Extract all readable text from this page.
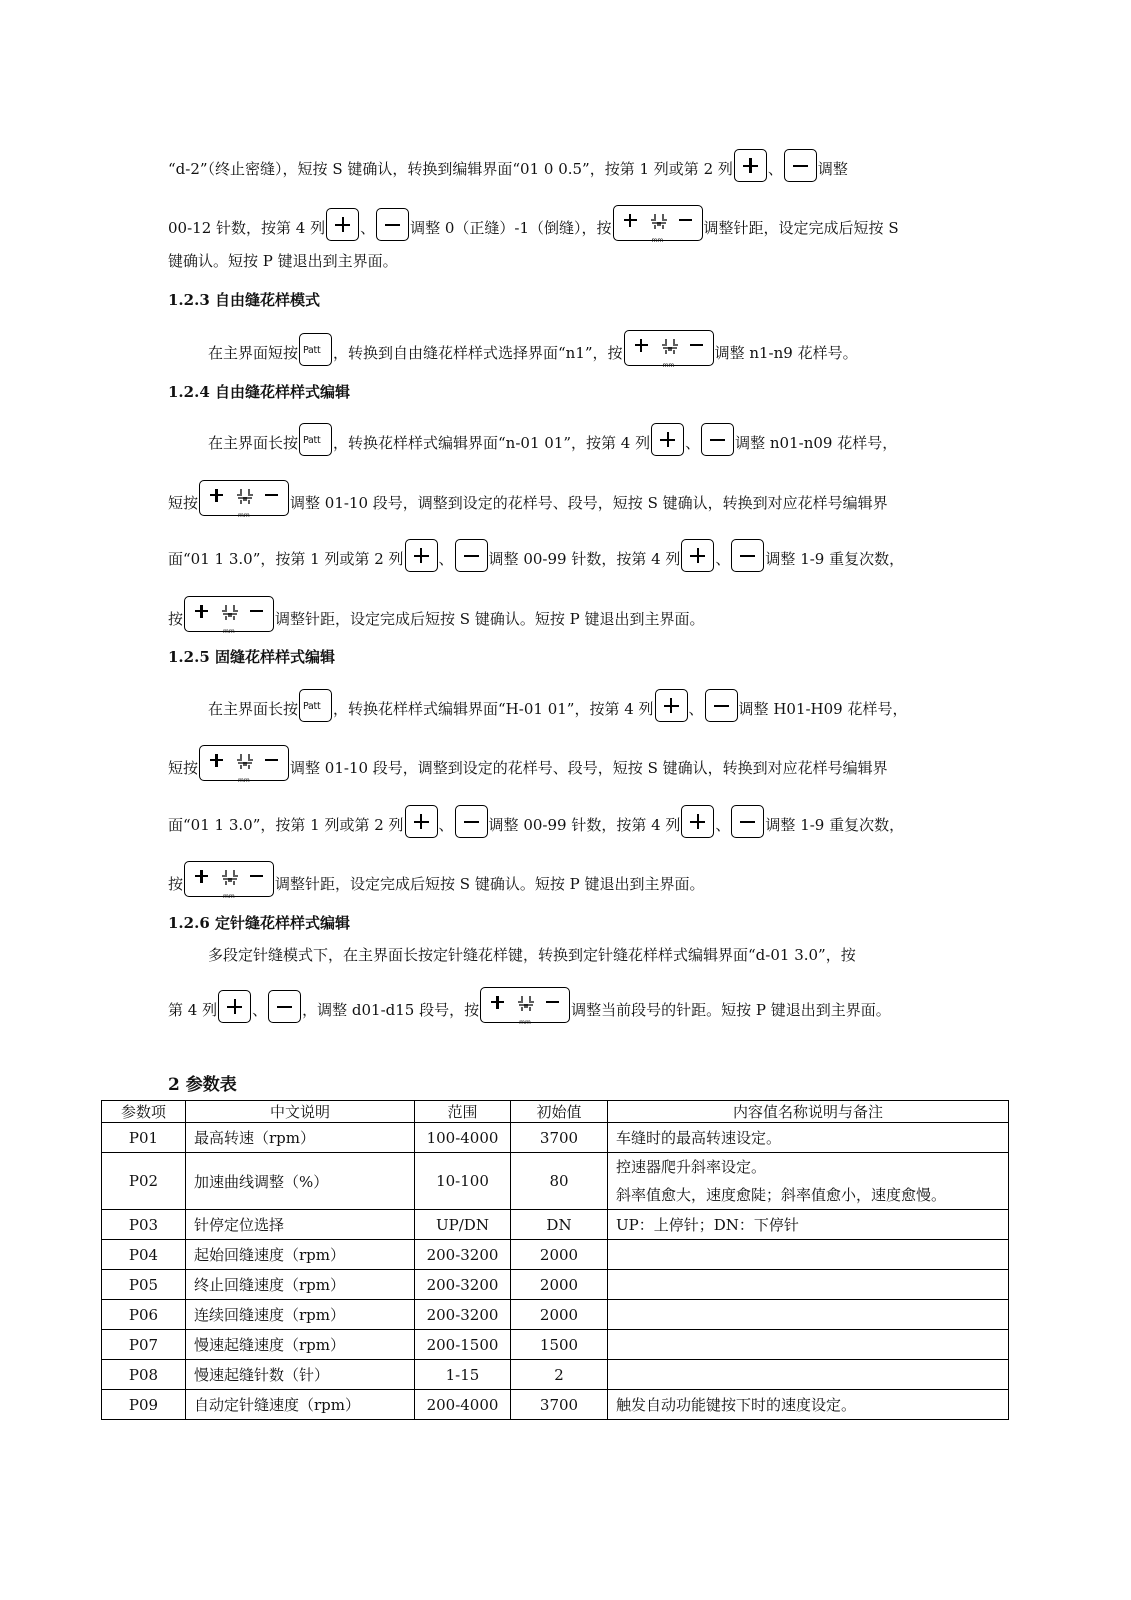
“d-2”（终止密缝），短按 S 键确认，转换到编辑界面“01 0 0.5”，按第 1 列或第 2 列 、 调整
00-12 针数，按第 4 列 、 调整 0（正缝）-1（倒缝），按
mm
调整针距，设定完成后短按 S
键确认。短按 P 键退出到主界面。
1.2.3 自由缝花样模式
在主界面短按 Patt ，转换到自由缝花样样式选择界面“n1”，按
mm
调整 n1-n9 花样号。
1.2.4 自由缝花样样式编辑
在主界面长按 Patt ，转换花样样式编辑界面“n-01 01”，按第 4 列 、 调整 n01-n09 花样号，
短按
mm
调整 01-10 段号，调整到设定的花样号、段号，短按 S 键确认，转换到对应花样号编辑界
面“01 1 3.0”，按第 1 列或第 2 列 、 调整 00-99 针数，按第 4 列 、 调整 1-9 重复次数，
按
mm
调整针距，设定完成后短按 S 键确认。短按 P 键退出到主界面。
1.2.5 固缝花样样式编辑
在主界面长按 Patt ，转换花样样式编辑界面“H-01 01”，按第 4 列 、 调整 H01-H09 花样号，
短按
mm
调整 01-10 段号，调整到设定的花样号、段号，短按 S 键确认，转换到对应花样号编辑界
面“01 1 3.0”，按第 1 列或第 2 列 、 调整 00-99 针数，按第 4 列 、 调整 1-9 重复次数，
按
mm
调整针距，设定完成后短按 S 键确认。短按 P 键退出到主界面。
1.2.6 定针缝花样样式编辑
多段定针缝模式下，在主界面长按定针缝花样键，转换到定针缝花样样式编辑界面“d-01 3.0”，按
第 4 列 、 ，调整 d01-d15 段号，按
mm
调整当前段号的针距。短按 P 键退出到主界面。
2 参数表
参数项	中文说明	范围	初始值	内容值名称说明与备注
P01	最高转速（rpm）	100-4000	3700	车缝时的最高转速设定。
P02	加速曲线调整（%）	10-100	80	控速器爬升斜率设定。
斜率值愈大，速度愈陡；斜率值愈小，速度愈慢。

P03	针停定位选择	UP/DN	DN	UP：上停针；DN：下停针
P04	起始回缝速度（rpm）	200-3200	2000	
P05	终止回缝速度（rpm）	200-3200	2000	
P06	连续回缝速度（rpm）	200-3200	2000	
P07	慢速起缝速度（rpm）	200-1500	1500	
P08	慢速起缝针数（针）	1-15	2	
P09	自动定针缝速度（rpm）	200-4000	3700	触发自动功能键按下时的速度设定。
